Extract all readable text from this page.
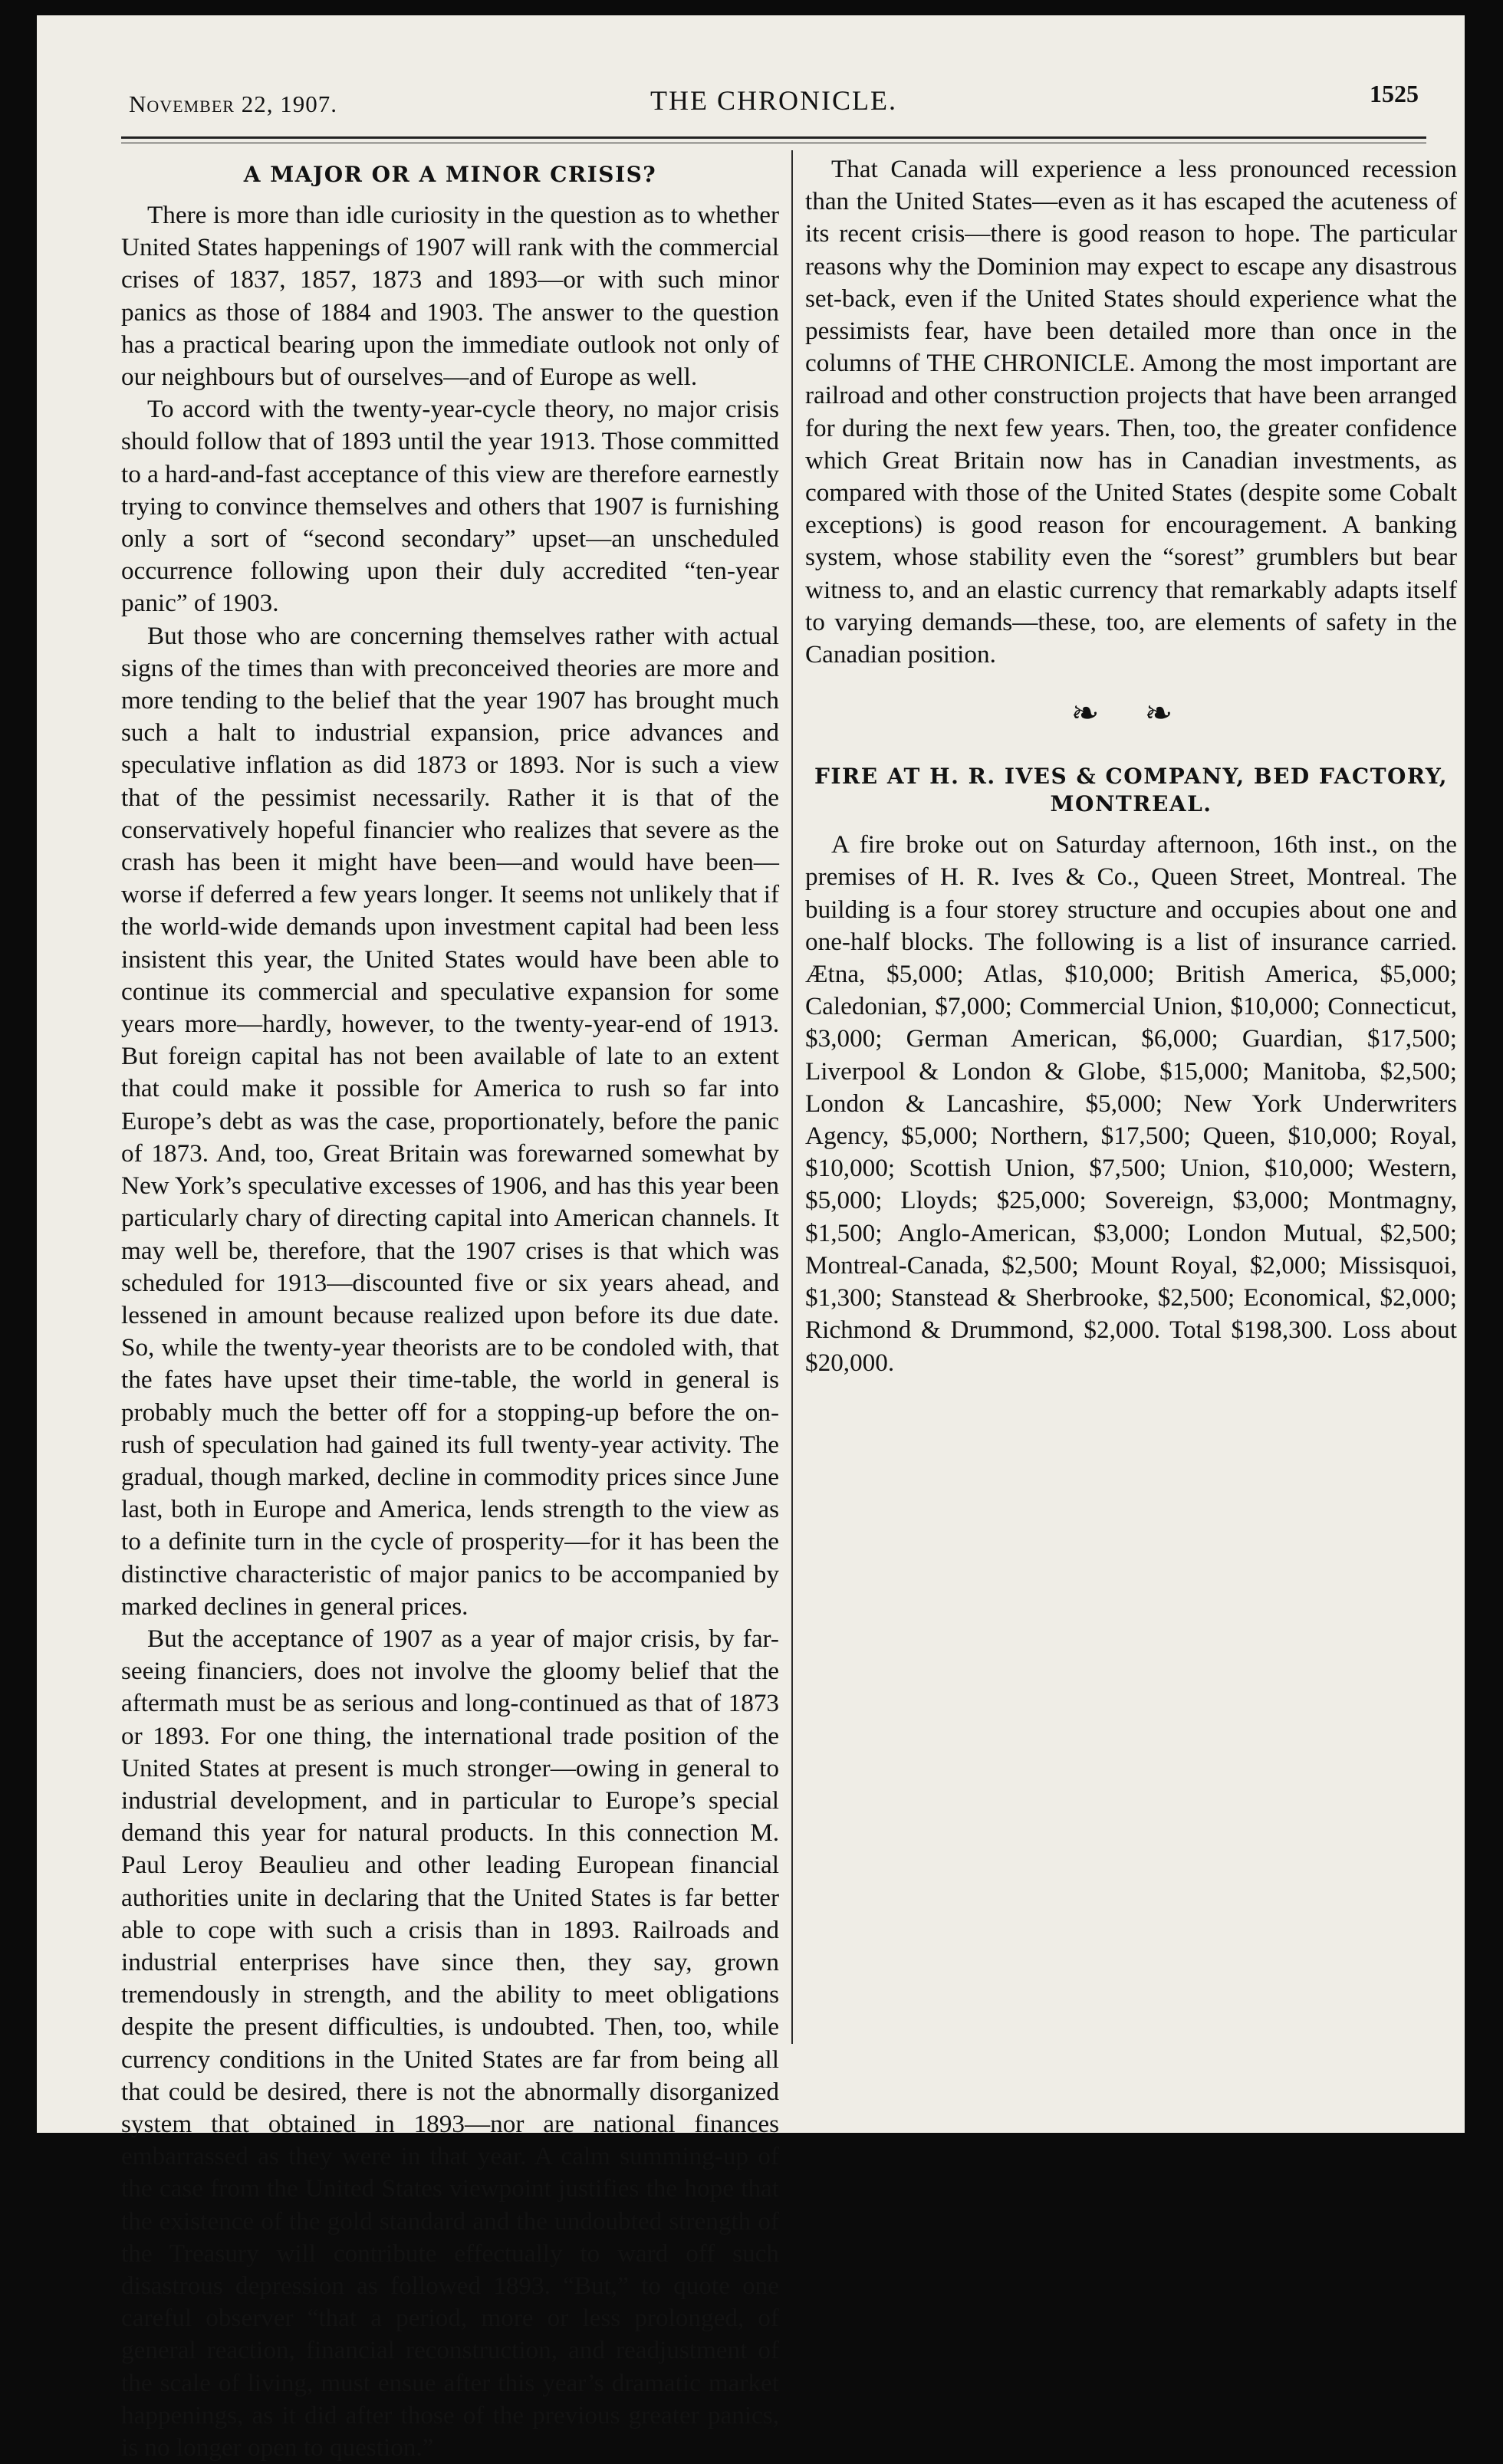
November 22, 1907.	THE CHRONICLE.	1525
A MAJOR OR A MINOR CRISIS?

There is more than idle curiosity in the question as to whether United States happenings of 1907 will rank with the commercial crises of 1837, 1857, 1873 and 1893—or with such minor panics as those of 1884 and 1903. The answer to the question has a practical bearing upon the immediate outlook not only of our neighbours but of ourselves—and of Europe as well.

To accord with the twenty-year-cycle theory, no major crisis should follow that of 1893 until the year 1913. Those committed to a hard-and-fast acceptance of this view are therefore earnestly trying to convince themselves and others that 1907 is furnishing only a sort of “second secondary” upset—an unscheduled occurrence following upon their duly accredited “ten-year panic” of 1903.

But those who are concerning themselves rather with actual signs of the times than with preconceived theories are more and more tending to the belief that the year 1907 has brought much such a halt to industrial expansion, price advances and speculative inflation as did 1873 or 1893. Nor is such a view that of the pessimist necessarily. Rather it is that of the conservatively hopeful financier who realizes that severe as the crash has been it might have been—and would have been—worse if deferred a few years longer. It seems not unlikely that if the world-wide demands upon investment capital had been less insistent this year, the United States would have been able to continue its commercial and speculative expansion for some years more—hardly, however, to the twenty-year-end of 1913. But foreign capital has not been available of late to an extent that could make it possible for America to rush so far into Europe’s debt as was the case, proportionately, before the panic of 1873. And, too, Great Britain was forewarned somewhat by New York’s speculative excesses of 1906, and has this year been particularly chary of directing capital into American channels. It may well be, therefore, that the 1907 crises is that which was scheduled for 1913—discounted five or six years ahead, and lessened in amount because realized upon before its due date. So, while the twenty-year theorists are to be condoled with, that the fates have upset their time-table, the world in general is probably much the better off for a stopping-up before the on-rush of speculation had gained its full twenty-year activity. The gradual, though marked, decline in commodity prices since June last, both in Europe and America, lends strength to the view as to a definite turn in the cycle of prosperity—for it has been the distinctive characteristic of major panics to be accompanied by marked declines in general prices.

But the acceptance of 1907 as a year of major crisis, by far-seeing financiers, does not involve the gloomy belief that the aftermath must be as serious and long-continued as that of 1873 or 1893. For one thing, the international trade position of the United States at present is much stronger—owing in general to industrial development, and in particular to Europe’s special demand this year for natural products. In this connection M. Paul Leroy Beaulieu and other leading European financial authorities unite in declaring that the United States is far better able to cope with such a crisis than in 1893. Railroads and industrial enterprises have since then, they say, grown tremendously in strength, and the ability to meet obligations despite the present difficulties, is undoubted. Then, too, while currency conditions in the United States are far from being all that could be desired, there is not the abnormally disorganized system that obtained in 1893—nor are national finances embarrassed as they were in that year. A calm summing-up of the case from the United States viewpoint justifies the hope that the existence of the gold standard and the undoubted strength of the Treasury will contribute effectually to ward off such disastrous depression as followed 1893. “But,” to quote one careful observer “that a period, more or less prolonged, of general reaction, financial reconstruction, and readjustment of the scale of living, must ensue after this year’s dramatic market happenings, as it did after those of the previous greater panics, is no longer open to question.”

That Canada will experience a less pronounced recession than the United States—even as it has escaped the acuteness of its recent crisis—there is good reason to hope. The particular reasons why the Dominion may expect to escape any disastrous set-back, even if the United States should experience what the pessimists fear, have been detailed more than once in the columns of THE CHRONICLE. Among the most important are railroad and other construction projects that have been arranged for during the next few years. Then, too, the greater confidence which Great Britain now has in Canadian investments, as compared with those of the United States (despite some Cobalt exceptions) is good reason for encouragement. A banking system, whose stability even the “sorest” grumblers but bear witness to, and an elastic currency that remarkably adapts itself to varying demands—these, too, are elements of safety in the Canadian position.

❧ ❧
FIRE AT H. R. IVES & COMPANY, BED FACTORY, MONTREAL.

A fire broke out on Saturday afternoon, 16th inst., on the premises of H. R. Ives & Co., Queen Street, Montreal. The building is a four storey structure and occupies about one and one-half blocks. The following is a list of insurance carried. Ætna, $5,000; Atlas, $10,000; British America, $5,000; Caledonian, $7,000; Commercial Union, $10,000; Connecticut, $3,000; German American, $6,000; Guardian, $17,500; Liverpool & London & Globe, $15,000; Manitoba, $2,500; London & Lancashire, $5,000; New York Underwriters Agency, $5,000; Northern, $17,500; Queen, $10,000; Royal, $10,000; Scottish Union, $7,500; Union, $10,000; Western, $5,000; Lloyds; $25,000; Sovereign, $3,000; Montmagny, $1,500; Anglo-American, $3,000; London Mutual, $2,500; Montreal-Canada, $2,500; Mount Royal, $2,000; Missisquoi, $1,300; Stanstead & Sherbrooke, $2,500; Economical, $2,000; Richmond & Drummond, $2,000. Total $198,300. Loss about $20,000.
